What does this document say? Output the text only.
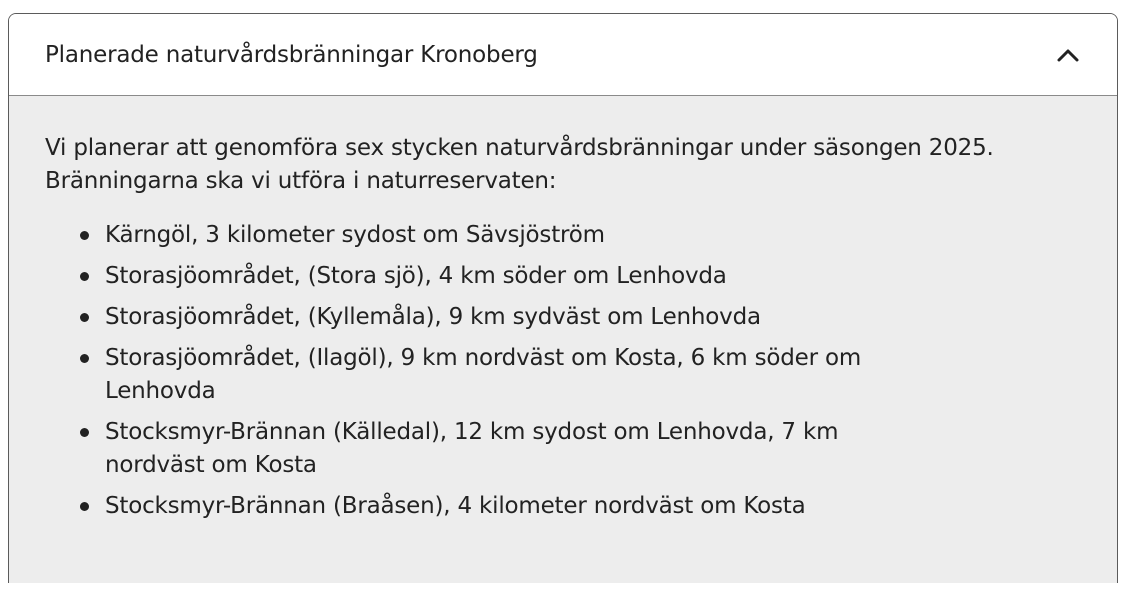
Planerade naturvårdsbränningar Kronoberg

Vi planerar att genomföra sex stycken naturvårdsbränningar under säsongen 2025.
Bränningarna ska vi utföra i naturreservaten:

Kärngöl, 3 kilometer sydost om Sävsjöström
Storasjöområdet, (Stora sjö), 4 km söder om Lenhovda
Storasjöområdet, (Kyllemåla), 9 km sydväst om Lenhovda
Storasjöområdet, (Ilagöl), 9 km nordväst om Kosta, 6 km söder om Lenhovda
Stocksmyr-Brännan (Källedal), 12 km sydost om Lenhovda, 7 km nordväst om Kosta
Stocksmyr-Brännan (Braåsen), 4 kilometer nordväst om Kosta
